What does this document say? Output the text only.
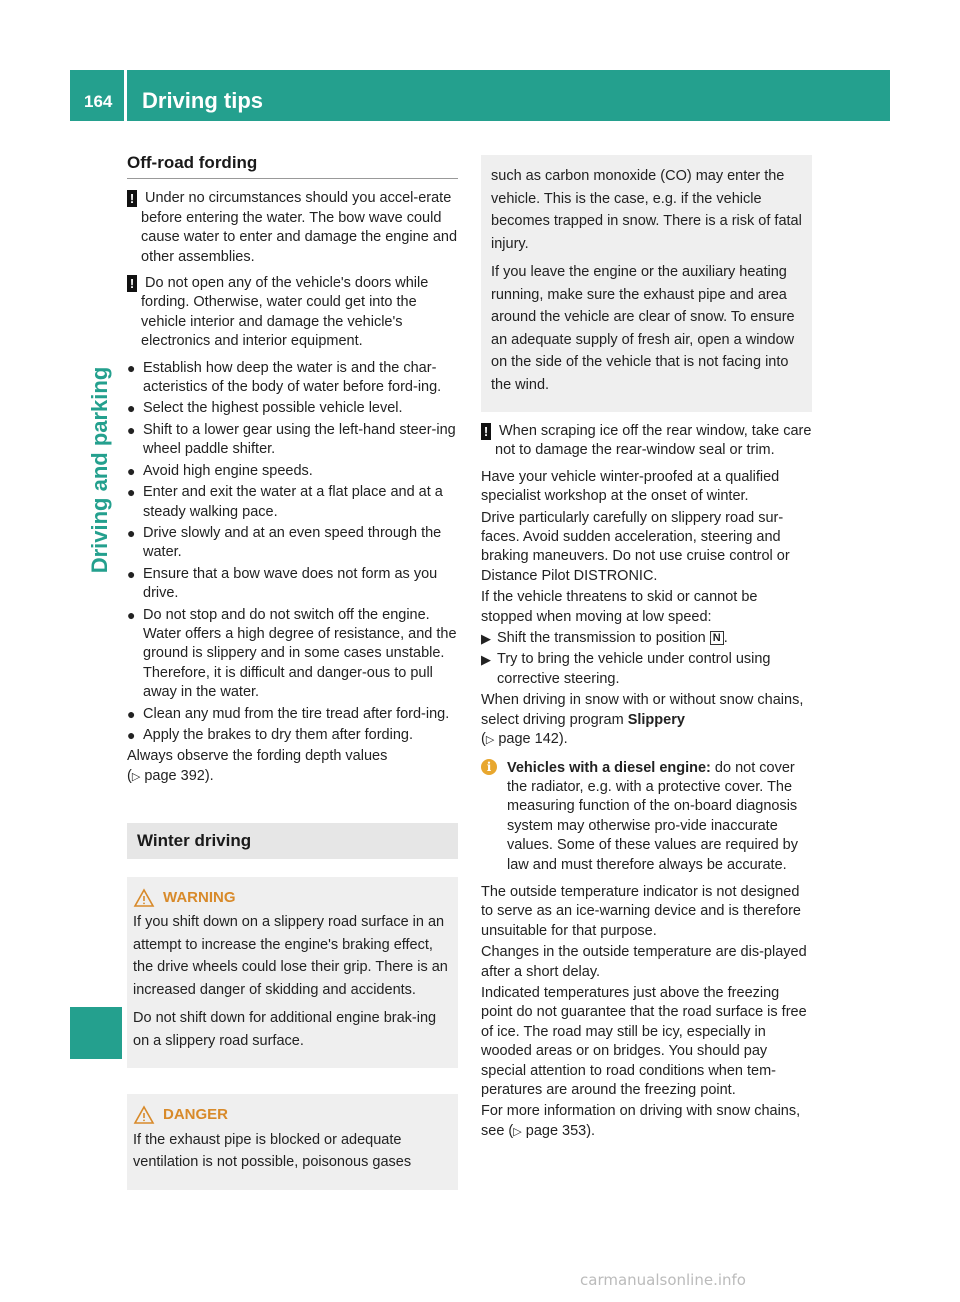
164 Driving tips
Driving and parking
Off-road fording
! Under no circumstances should you accel-erate before entering the water. The bow wave could cause water to enter and damage the engine and other assemblies.
! Do not open any of the vehicle's doors while fording. Otherwise, water could get into the vehicle interior and damage the vehicle's electronics and interior equipment.
● Establish how deep the water is and the char-acteristics of the body of water before ford-ing.
● Select the highest possible vehicle level.
● Shift to a lower gear using the left-hand steer-ing wheel paddle shifter.
● Avoid high engine speeds.
● Enter and exit the water at a flat place and at a steady walking pace.
● Drive slowly and at an even speed through the water.
● Ensure that a bow wave does not form as you drive.
● Do not stop and do not switch off the engine. Water offers a high degree of resistance, and the ground is slippery and in some cases unstable. Therefore, it is difficult and danger-ous to pull away in the water.
● Clean any mud from the tire tread after ford-ing.
● Apply the brakes to dry them after fording.

Always observe the fording depth values
(▷ page 392).

Winter driving
WARNING

If you shift down on a slippery road surface in an attempt to increase the engine's braking effect, the drive wheels could lose their grip. There is an increased danger of skidding and accidents.

Do not shift down for additional engine brak-ing on a slippery road surface.

DANGER

If the exhaust pipe is blocked or adequate ventilation is not possible, poisonous gases

such as carbon monoxide (CO) may enter the vehicle. This is the case, e.g. if the vehicle becomes trapped in snow. There is a risk of fatal injury.

If you leave the engine or the auxiliary heating running, make sure the exhaust pipe and area around the vehicle are clear of snow. To ensure an adequate supply of fresh air, open a window on the side of the vehicle that is not facing into the wind.

! When scraping ice off the rear window, take care not to damage the rear-window seal or trim.

Have your vehicle winter-proofed at a qualified specialist workshop at the onset of winter.

Drive particularly carefully on slippery road sur-faces. Avoid sudden acceleration, steering and braking maneuvers. Do not use cruise control or Distance Pilot DISTRONIC.

If the vehicle threatens to skid or cannot be stopped when moving at low speed:

▶ Shift the transmission to position N .
▶ Try to bring the vehicle under control using corrective steering.

When driving in snow with or without snow chains, select driving program Slippery
(▷ page 142).

i	Vehicles with a diesel engine: do not cover the radiator, e.g. with a protective cover. The measuring function of the on-board diagnosis system may otherwise pro-vide inaccurate values. Some of these values are required by law and must therefore always be accurate.

The outside temperature indicator is not designed to serve as an ice-warning device and is therefore unsuitable for that purpose.

Changes in the outside temperature are dis-played after a short delay.

Indicated temperatures just above the freezing point do not guarantee that the road surface is free of ice. The road may still be icy, especially in wooded areas or on bridges. You should pay special attention to road conditions when tem-peratures are around the freezing point.

For more information on driving with snow chains, see (▷ page 353).

carmanualsonline.info
